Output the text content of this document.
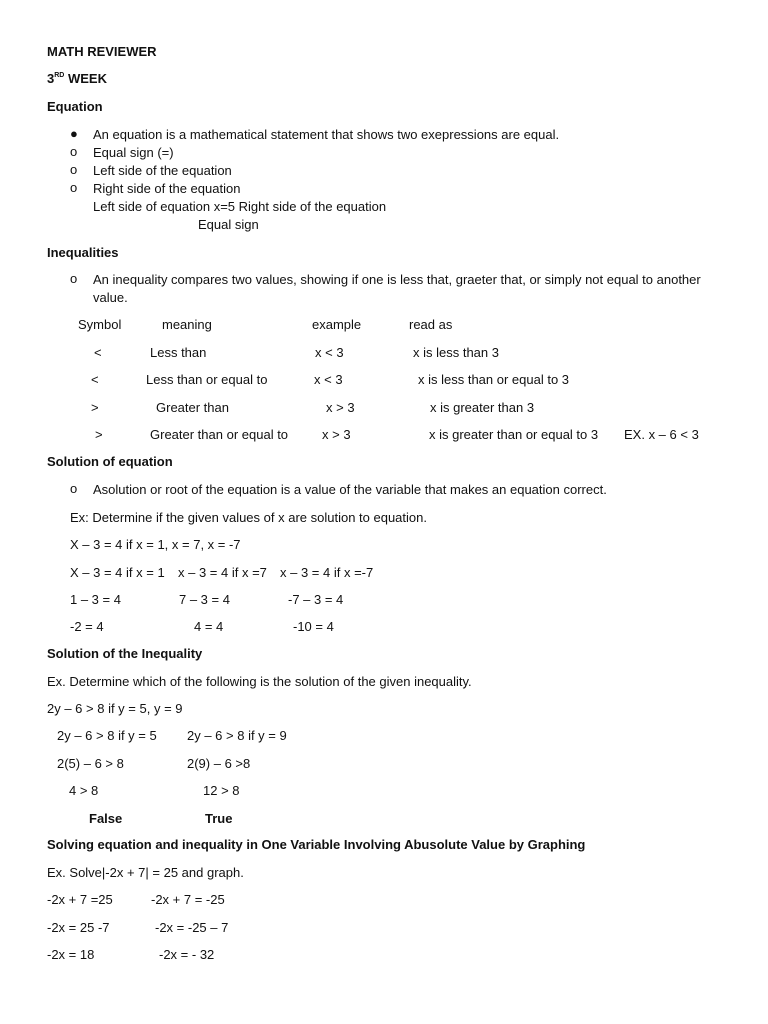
MATH REVIEWER
3RD WEEK
Equation
● An equation is a mathematical statement that shows two exepressions are equal.
o Equal sign (=)
o Left side of the equation
o Right side of the equation
Left side of equation x=5 Right side of the equation
Equal sign
Inequalities
o An inequality compares two values, showing if one is less that, graeter that, or simply not equal to another
value.
Symbol	meaning	example	read as
<	Less than	x < 3	x is less than 3
<	Less than or equal to	x < 3	x is less than or equal to 3
>	Greater than	x > 3	x is greater than 3
>	Greater than or equal to	x > 3	x is greater than or equal to 3 EX. x – 6 < 3
Solution of equation
o Asolution or root of the equation is a value of the variable that makes an equation correct.
Ex: Determine if the given values of x are solution to equation.
X – 3 = 4 if x = 1, x = 7, x = -7
X – 3 = 4 if x = 1 x – 3 = 4 if x =7 x – 3 = 4 if x =-7
1 – 3 = 4	7 – 3 = 4	-7 – 3 = 4
-2 = 4	4 = 4	-10 = 4
Solution of the Inequality
Ex. Determine which of the following is the solution of the given inequality.
2y – 6 > 8 if y = 5, y = 9
2y – 6 > 8 if y = 5 2y – 6 > 8 if y = 9
2(5) – 6 > 8	2(9) – 6 >8
4 > 8	12 > 8
False	True
Solving equation and inequality in One Variable Involving Abusolute Value by Graphing
Ex. Solve|-2x + 7| = 25 and graph.
-2x + 7 =25	-2x + 7 = -25
-2x = 25 -7	-2x = -25 – 7
-2x = 18	-2x = - 32
